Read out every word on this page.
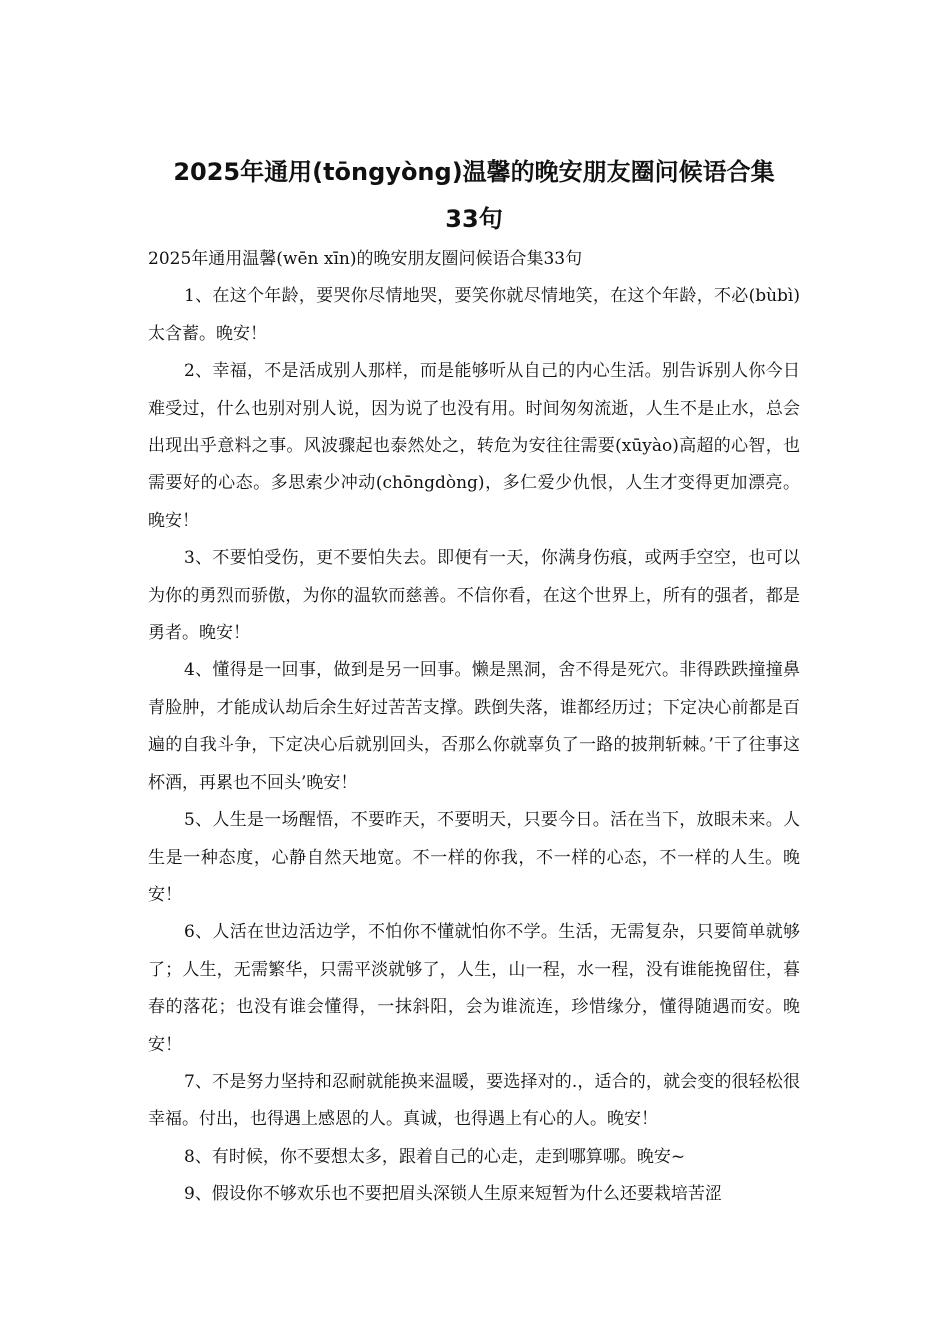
2025年通用(tōngyòng)温馨的晚安朋友圈问候语合集
33句

2025年通用温馨(wēn xīn)的晚安朋友圈问候语合集33句

1、在这个年龄，要哭你尽情地哭，要笑你就尽情地笑，在这个年龄，不必(bùbì)太含蓄。晚安！

2、幸福，不是活成别人那样，而是能够听从自己的内心生活。别告诉别人你今日难受过，什么也别对别人说，因为说了也没有用。时间匆匆流逝，人生不是止水，总会出现出乎意料之事。风波骤起也泰然处之，转危为安往往需要(xūyào)高超的心智，也需要好的心态。多思索少冲动(chōngdòng)，多仁爱少仇恨，人生才变得更加漂亮。晚安！

3、不要怕受伤，更不要怕失去。即便有一天，你满身伤痕，或两手空空，也可以为你的勇烈而骄傲，为你的温软而慈善。不信你看，在这个世界上，所有的强者，都是勇者。晚安！

4、懂得是一回事，做到是另一回事。懒是黑洞，舍不得是死穴。非得跌跌撞撞鼻青脸肿，才能成认劫后余生好过苦苦支撑。跌倒失落，谁都经历过；下定决心前都是百遍的自我斗争，下定决心后就别回头，否那么你就辜负了一路的披荆斩棘。’干了往事这杯酒，再累也不回头’晚安！

5、人生是一场醒悟，不要昨天，不要明天，只要今日。活在当下，放眼未来。人生是一种态度，心静自然天地宽。不一样的你我，不一样的心态，不一样的人生。晚安！

6、人活在世边活边学，不怕你不懂就怕你不学。生活，无需复杂，只要简单就够了；人生，无需繁华，只需平淡就够了，人生，山一程，水一程，没有谁能挽留住，暮春的落花；也没有谁会懂得，一抹斜阳，会为谁流连，珍惜缘分，懂得随遇而安。晚安！

7、不是努力坚持和忍耐就能换来温暖，要选择对的.，适合的，就会变的很轻松很幸福。付出，也得遇上感恩的人。真诚，也得遇上有心的人。晚安！

8、有时候，你不要想太多，跟着自己的心走，走到哪算哪。晚安~

9、假设你不够欢乐也不要把眉头深锁人生原来短暂为什么还要栽培苦涩
